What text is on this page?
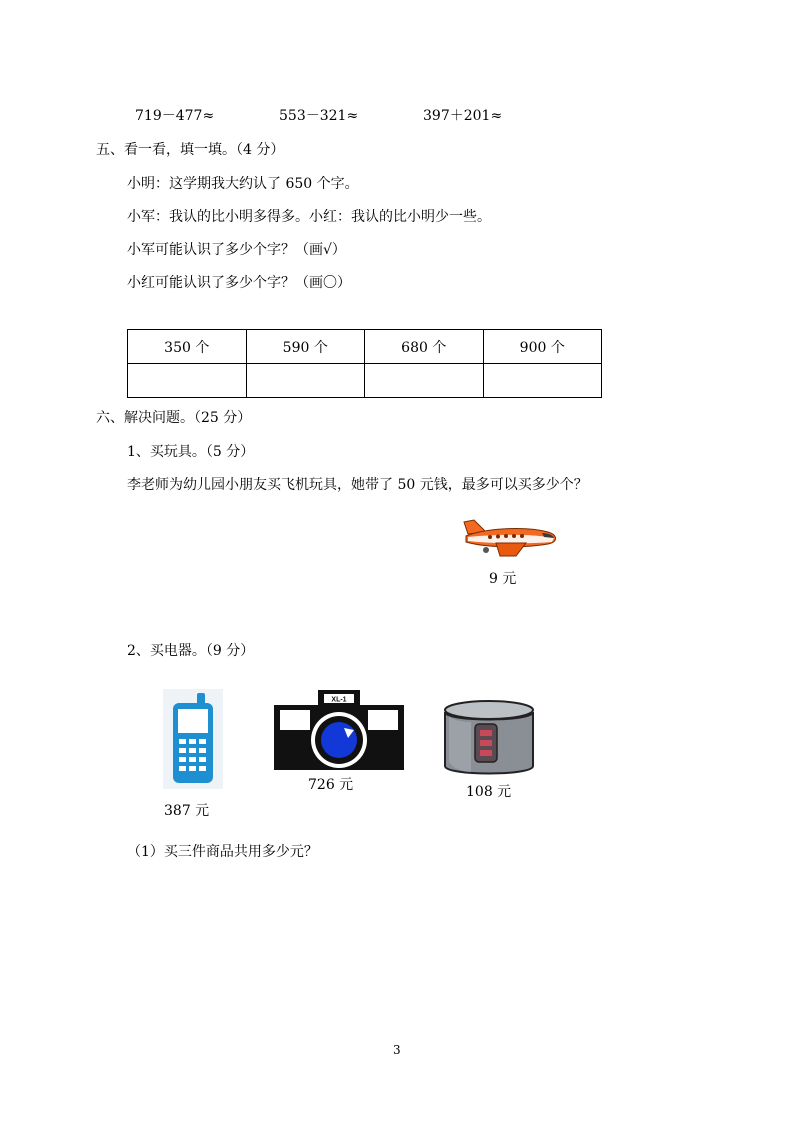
719－477≈	553－321≈	397＋201≈
五、看一看，填一填。（4 分）
小明：这学期我大约认了 650 个字。
小军：我认的比小明多得多。小红：我认的比小明少一些。
小军可能认识了多少个字？（画√）
小红可能认识了多少个字？（画〇）
350 个	590 个	680 个	900 个

六、解决问题。（25 分）
1、买玩具。（5 分）
李老师为幼儿园小朋友买飞机玩具，她带了 50 元钱，最多可以买多少个？
9 元
2、买电器。（9 分）
387 元
XL-1
726 元	108 元
（1）买三件商品共用多少元？
3
